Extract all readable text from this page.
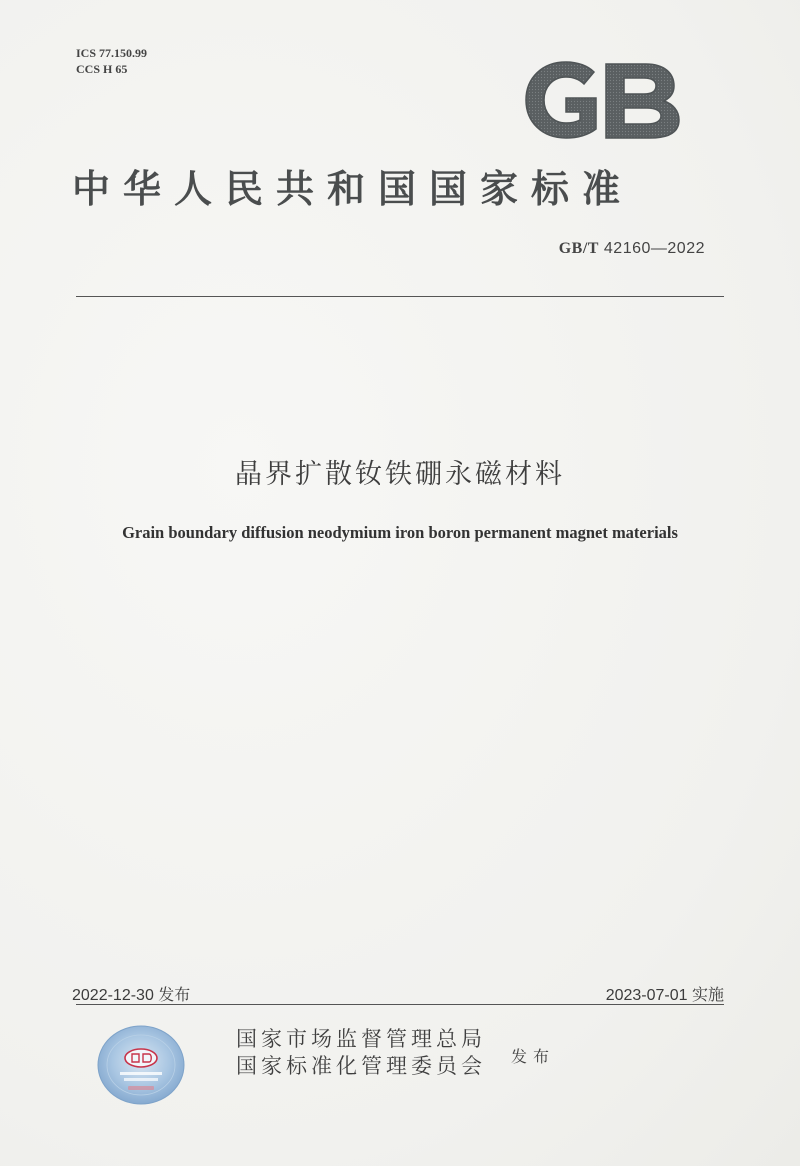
ICS 77.150.99
CCS H 65
中华人民共和国国家标准
GB/T 42160—2022
晶界扩散钕铁硼永磁材料
Grain boundary diffusion neodymium iron boron permanent magnet materials
2022-12-30 发布	2023-07-01 实施
国家市场监督管理总局
国家标准化管理委员会 发布
